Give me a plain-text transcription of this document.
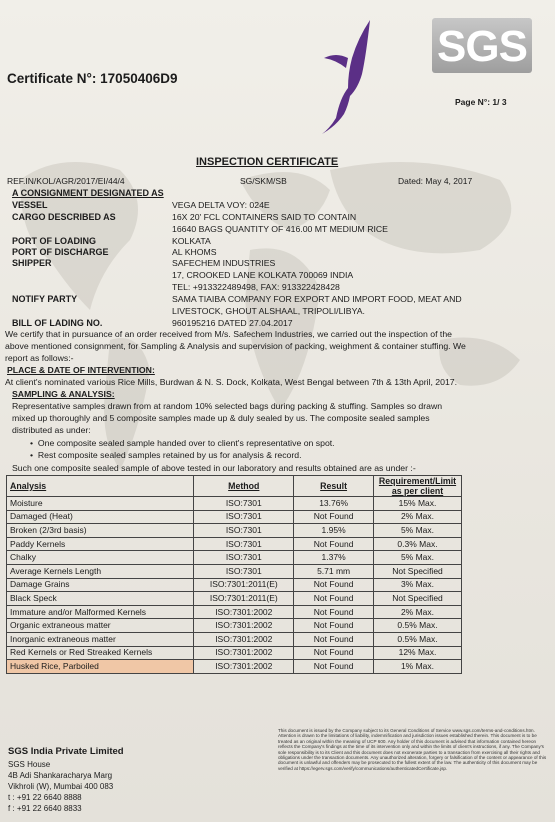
SGS
Certificate N°: 17050406D9
Page N°: 1/ 3
INSPECTION CERTIFICATE
REF.IN/KOL/AGR/2017/EI/44/4	SG/SKM/SB	Dated: May 4, 2017
A CONSIGNMENT DESIGNATED AS
VESSEL	VEGA DELTA VOY: 024E
CARGO DESCRIBED AS	16X 20' FCL CONTAINERS SAID TO CONTAIN
16640 BAGS QUANTITY OF 416.00 MT MEDIUM RICE
PORT OF LOADING	KOLKATA
PORT OF DISCHARGE	AL KHOMS
SHIPPER	SAFECHEM INDUSTRIES
17, CROOKED LANE KOLKATA 700069 INDIA
TEL: +913322489498, FAX: 913322428428
NOTIFY PARTY	SAMA TIAIBA COMPANY FOR EXPORT AND IMPORT FOOD, MEAT AND
LIVESTOCK, GHOUT ALSHAAL, TRIPOLI/LIBYA.
BILL OF LADING NO.	960195216 DATED 27.04.2017
We certify that in pursuance of an order received from M/s. Safechem Industries, we carried out the inspection of the
above mentioned consignment, for Sampling & Analysis and supervision of packing, weighment & container stuffing. We
report as follows:-
PLACE & DATE OF INTERVENTION:
At client's nominated various Rice Mills, Burdwan & N. S. Dock, Kolkata, West Bengal between 7th & 13th April, 2017.
SAMPLING & ANALYSIS:
Representative samples drawn from at random 10% selected bags during packing & stuffing. Samples so drawn
mixed up thoroughly and 5 composite samples made up & duly sealed by us. The composite sealed samples
distributed as under:
•  One composite sealed sample handed over to client's representative on spot.
•  Rest composite sealed samples retained by us for analysis & record.
Such one composite sealed sample of above tested in our laboratory and results obtained are as under :-
Analysis	Method	Result	Requirement/Limit as per client
Moisture	ISO:7301	13.76%	15% Max.
Damaged (Heat)	ISO:7301	Not Found	2% Max.
Broken (2/3rd basis)	ISO:7301	1.95%	5% Max.
Paddy Kernels	ISO:7301	Not Found	0.3% Max.
Chalky	ISO:7301	1.37%	5% Max.
Average Kernels Length	ISO:7301	5.71 mm	Not Specified
Damage Grains	ISO:7301:2011(E)	Not Found	3% Max.
Black Speck	ISO:7301:2011(E)	Not Found	Not Specified
Immature and/or Malformed Kernels	ISO:7301:2002	Not Found	2% Max.
Organic extraneous matter	ISO:7301:2002	Not Found	0.5% Max.
Inorganic extraneous matter	ISO:7301:2002	Not Found	0.5% Max.
Red Kernels or Red Streaked Kernels	ISO:7301:2002	Not Found	12% Max.
Husked Rice, Parboiled	ISO:7301:2002	Not Found	1% Max.
SGS India Private Limited
SGS House
4B Adi Shankaracharya Marg
Vikhroli (W), Mumbai 400 083
t : +91 22 6640 8888
f : +91 22 6640 8833
This document is issued by the Company subject to its General Conditions of Service www.sgs.com/terms-and-conditions.htm. Attention is drawn to the limitations of liability, indemnification and jurisdiction issues established therein. This document is to be treated as an original within the meaning of UCP 600. Any holder of this document is advised that information contained hereon reflects the Company's findings at the time of its intervention only and within the limits of client's instructions, if any. The Company's sole responsibility is to its Client and this document does not exonerate parties to a transaction from exercising all their rights and obligations under the transaction documents. Any unauthorized alteration, forgery or falsification of the content or appearance of this document is unlawful and offenders may be prosecuted to the fullest extent of the law. The authenticity of this document may be verified at https://egerv.sgs.com/verify/communications/authenticatedCertificate.jsp.
